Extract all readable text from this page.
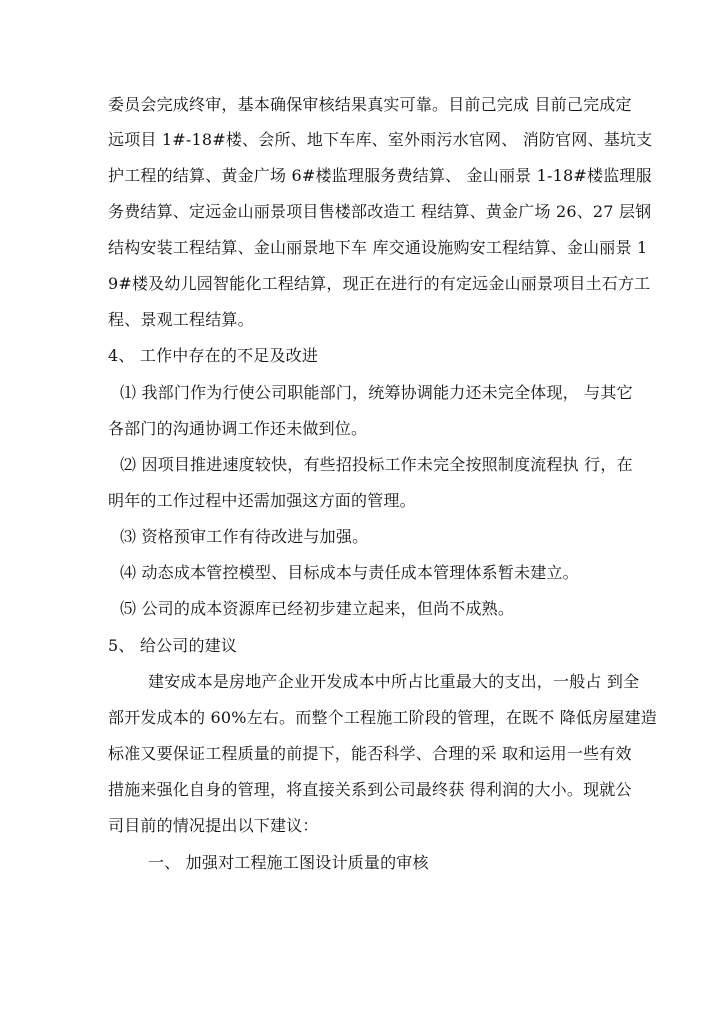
委员会完成终审，基本确保审核结果真实可靠。目前己完成 目前己完成定
远项目 1#-18#楼、会所、地下车库、室外雨污水官网、 消防官网、基坑支
护工程的结算、黄金广场 6#楼监理服务费结算、 金山丽景 1-18#楼监理服
务费结算、定远金山丽景项目售楼部改造工 程结算、黄金广场 26、27 层钢
结构安装工程结算、金山丽景地下车 库交通设施购安工程结算、金山丽景 1
9#楼及幼儿园智能化工程结算，现正在进行的有定远金山丽景项目土石方工
程、景观工程结算。
4、 工作中存在的不足及改进
⑴ 我部门作为行使公司职能部门，统筹协调能力还未完全体现， 与其它
各部门的沟通协调工作还未做到位。
⑵ 因项目推进速度较快，有些招投标工作未完全按照制度流程执 行，在
明年的工作过程中还需加强这方面的管理。
⑶ 资格预审工作有待改进与加强。
⑷ 动态成本管控模型、目标成本与责任成本管理体系暂未建立。
⑸ 公司的成本资源库已经初步建立起来，但尚不成熟。
5、 给公司的建议
建安成本是房地产企业开发成本中所占比重最大的支出，一般占 到全
部开发成本的 60%左右。而整个工程施工阶段的管理，在既不 降低房屋建造
标准又要保证工程质量的前提下，能否科学、合理的采 取和运用一些有效
措施来强化自身的管理，将直接关系到公司最终获 得利润的大小。现就公
司目前的情况提出以下建议：
一、 加强对工程施工图设计质量的审核
